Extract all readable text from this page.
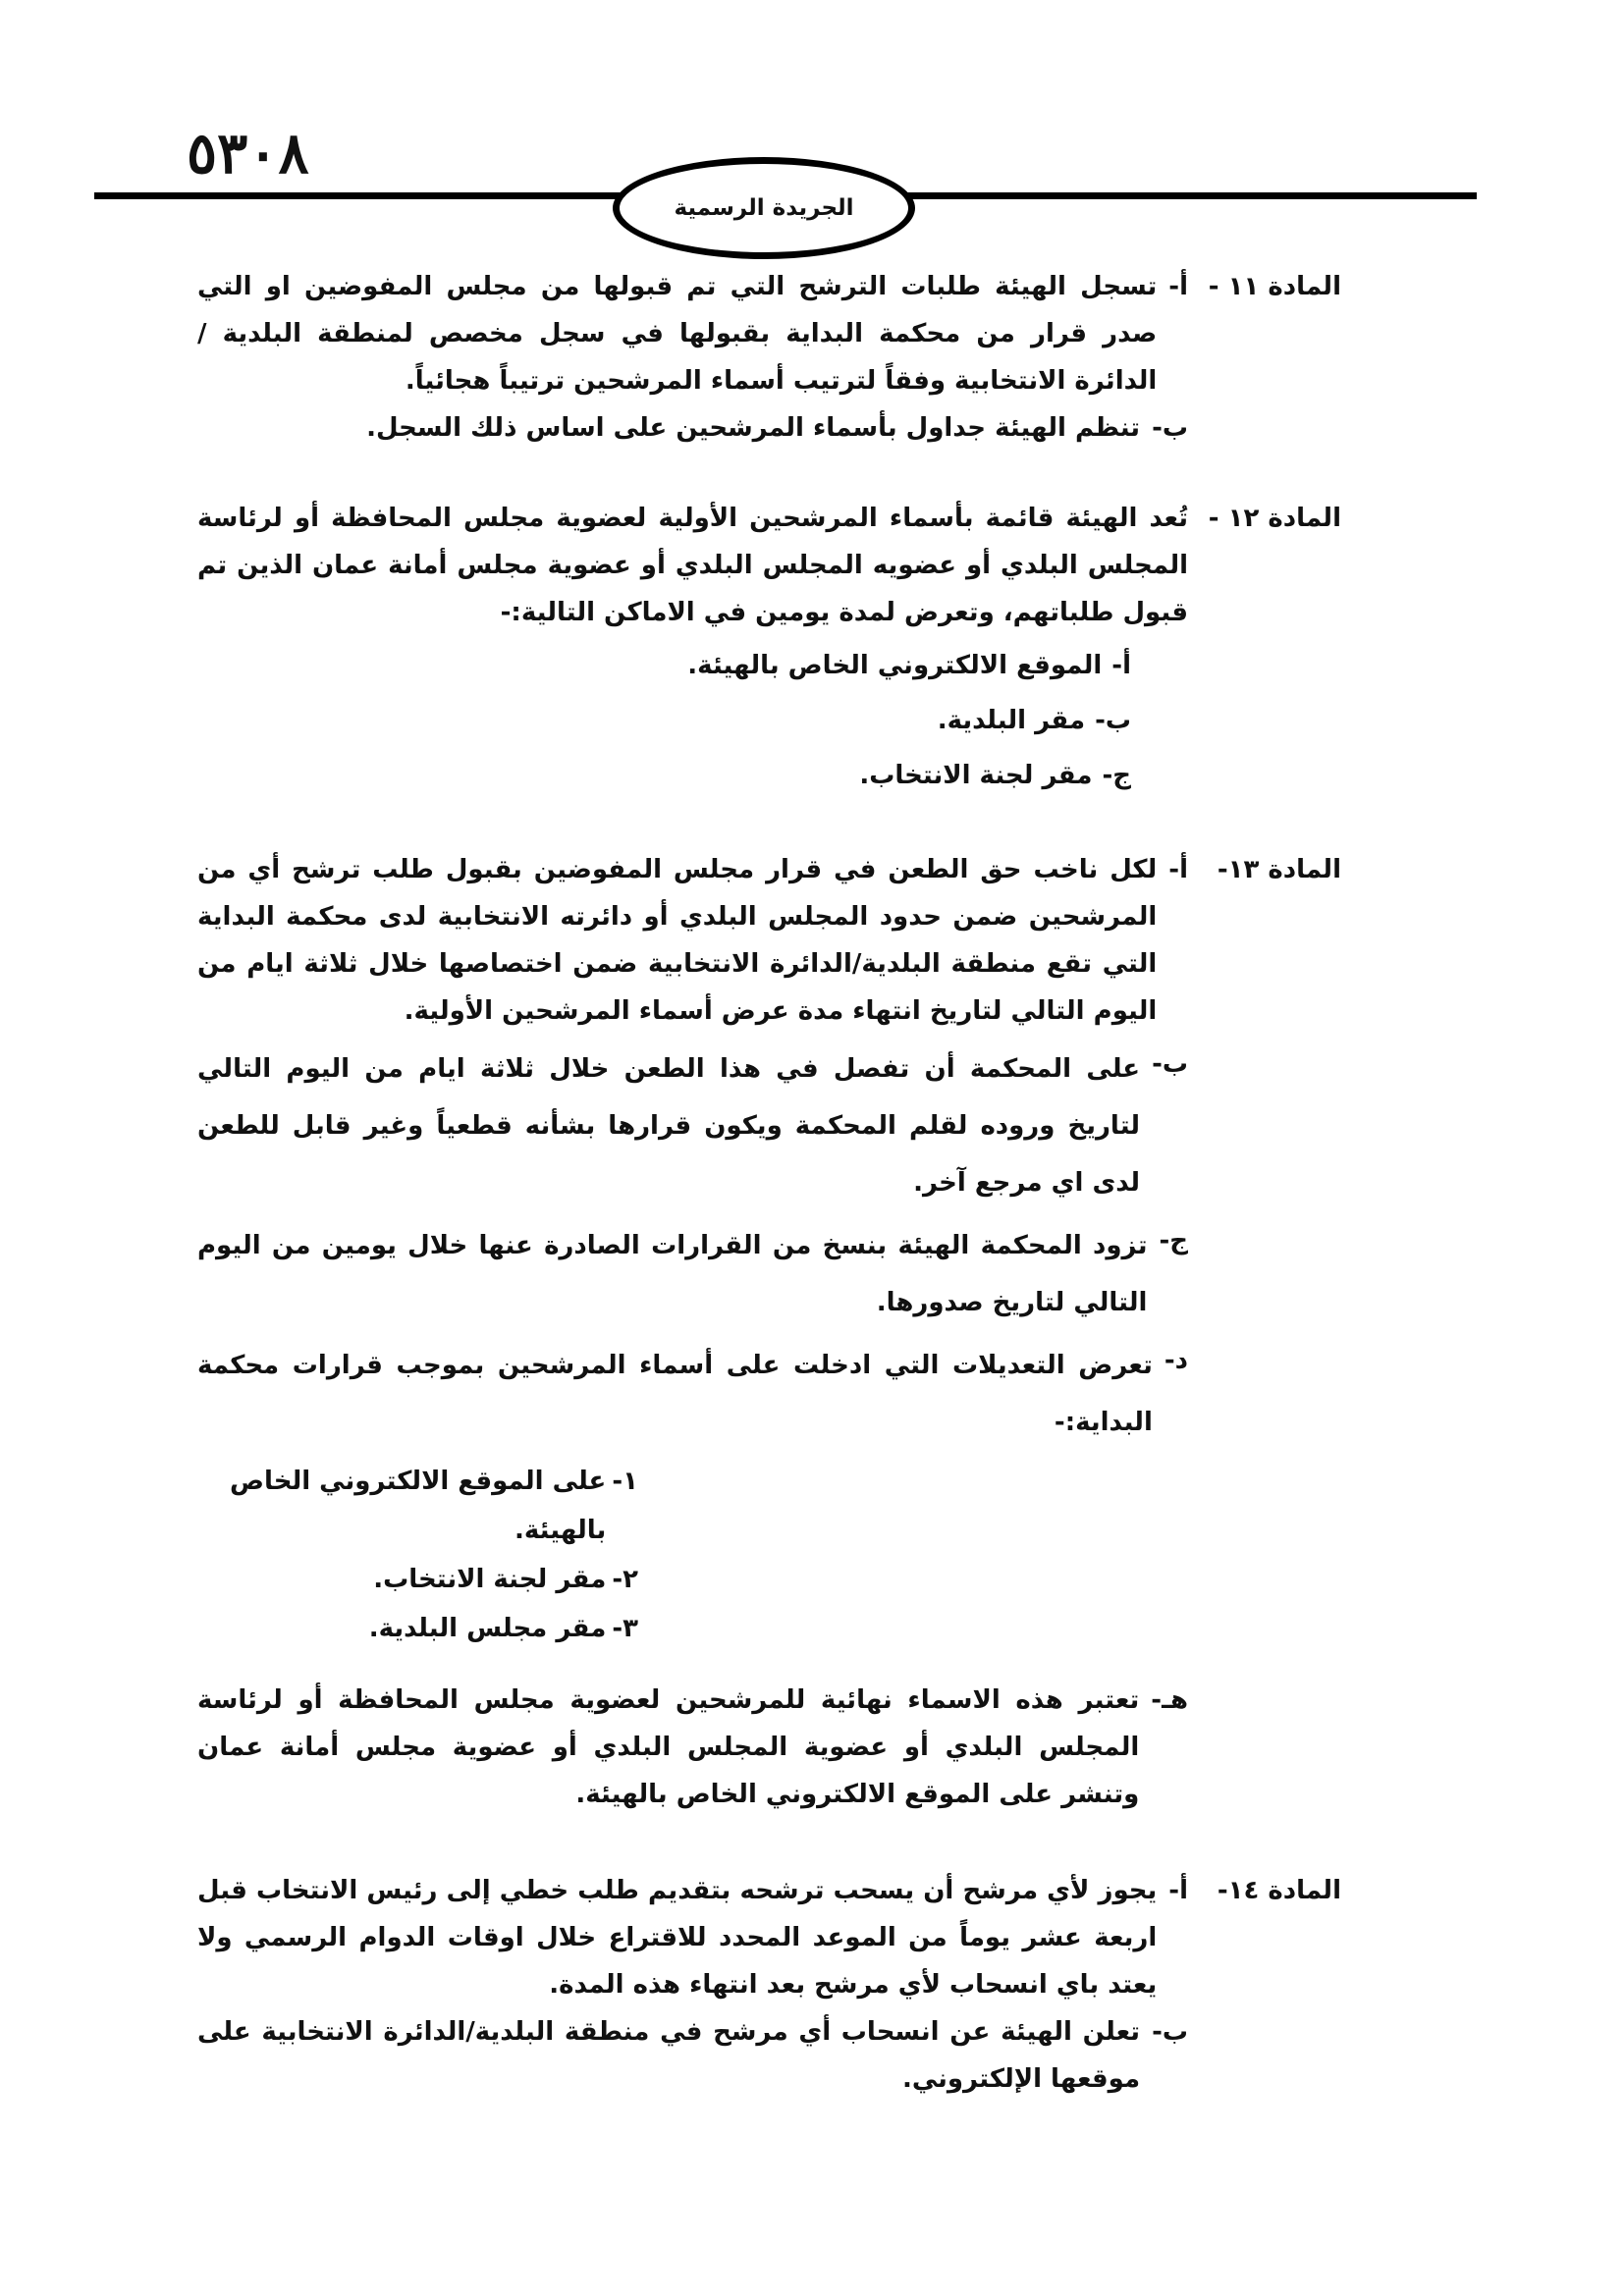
٥٣٠٨
الجريدة الرسمية
المادة ١١ -
أ-
تسجل الهيئة طلبات الترشح التي تم قبولها من مجلس المفوضين او التي صدر قرار من محكمة البداية بقبولها في سجل مخصص لمنطقة البلدية / الدائرة الانتخابية وفقاً لترتيب أسماء المرشحين ترتيباً هجائياً.
ب-
تنظم الهيئة جداول بأسماء المرشحين على اساس ذلك السجل.
المادة ١٢ -
تُعد الهيئة قائمة بأسماء المرشحين الأولية لعضوية مجلس المحافظة أو لرئاسة المجلس البلدي أو عضويه المجلس البلدي أو عضوية مجلس أمانة عمان الذين تم قبول طلباتهم، وتعرض لمدة يومين في الاماكن التالية:-
أ-
الموقع الالكتروني الخاص بالهيئة.
ب-
مقر البلدية.
ج-
مقر لجنة الانتخاب.
المادة ١٣-
أ-
لكل ناخب حق الطعن في قرار مجلس المفوضين بقبول طلب ترشح أي من المرشحين ضمن حدود المجلس البلدي أو دائرته الانتخابية لدى محكمة البداية التي تقع منطقة البلدية/الدائرة الانتخابية ضمن اختصاصها خلال ثلاثة ايام من اليوم التالي لتاريخ انتهاء مدة عرض أسماء المرشحين الأولية.
ب-
على المحكمة أن تفصل في هذا الطعن خلال ثلاثة ايام من اليوم التالي لتاريخ وروده لقلم المحكمة ويكون قرارها بشأنه قطعياً وغير قابل للطعن لدى اي مرجع آخر.
ج-
تزود المحكمة الهيئة بنسخ من القرارات الصادرة عنها خلال يومين من اليوم التالي لتاريخ صدورها.
د-
تعرض التعديلات التي ادخلت على أسماء المرشحين بموجب قرارات محكمة البداية:-
١-
على الموقع الالكتروني الخاص بالهيئة.
٢-
مقر لجنة الانتخاب.
٣-
مقر مجلس البلدية.
هـ-
تعتبر هذه الاسماء نهائية للمرشحين لعضوية مجلس المحافظة أو لرئاسة المجلس البلدي أو عضوية المجلس البلدي أو عضوية مجلس أمانة عمان وتنشر على الموقع الالكتروني الخاص بالهيئة.
المادة ١٤-
أ-
يجوز لأي مرشح أن يسحب ترشحه بتقديم طلب خطي إلى رئيس الانتخاب قبل اربعة عشر يوماً من الموعد المحدد للاقتراع خلال اوقات الدوام الرسمي ولا يعتد باي انسحاب لأي مرشح بعد انتهاء هذه المدة.
ب-
تعلن الهيئة عن انسحاب أي مرشح في منطقة البلدية/الدائرة الانتخابية على موقعها الإلكتروني.
